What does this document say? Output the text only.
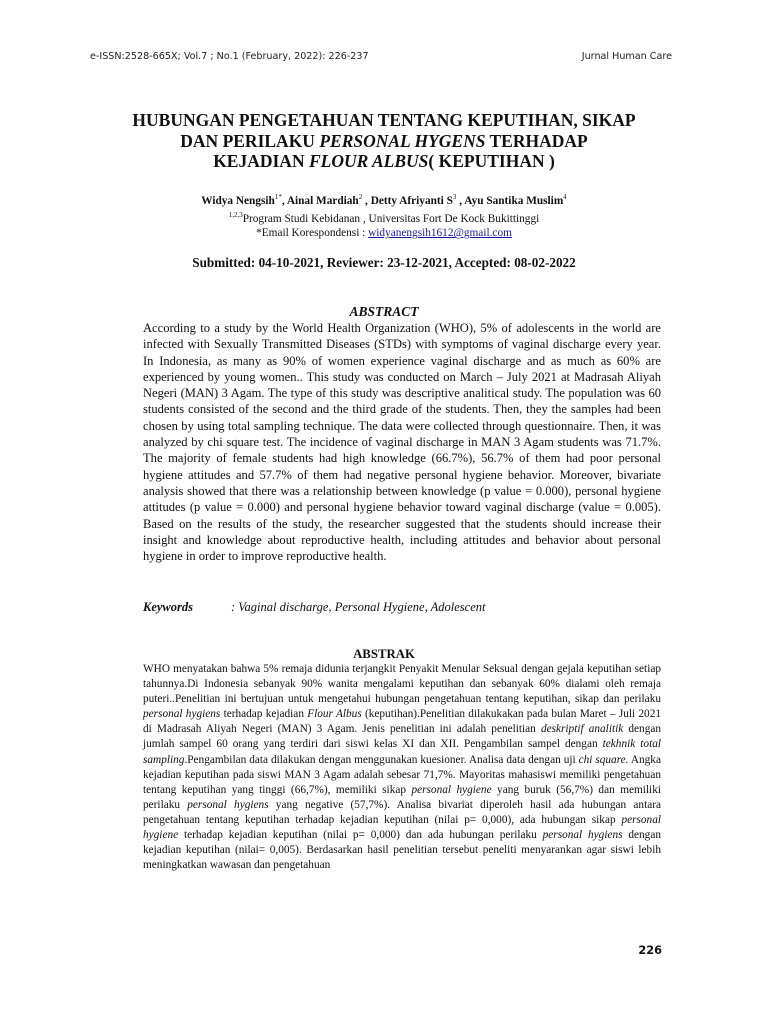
e-ISSN:2528-665X; Vol.7 ; No.1 (February, 2022): 226-237	Jurnal Human Care
HUBUNGAN PENGETAHUAN TENTANG KEPUTIHAN, SIKAP
DAN PERILAKU PERSONAL HYGENS TERHADAP
KEJADIAN FLOUR ALBUS( KEPUTIHAN )
Widya Nengsih$^{1*}$, Ainal Mardiah$^2$ , Detty Afriyanti $S^3$ , Ayu Santika Muslim$^4$
$^{1,2,3}$Program Studi Kebidanan , Universitas Fort De Kock Bukittinggi
*Email Korespondensi : widyanengsih1612@gmail.com
Submitted: 04-10-2021, Reviewer: 23-12-2021, Accepted: 08-02-2022
ABSTRACT
According to a study by the World Health Organization (WHO), 5% of adolescents in the world are infected with Sexually Transmitted Diseases (STDs) with symptoms of vaginal discharge every year. In Indonesia, as many as 90% of women experience vaginal discharge and as much as 60% are experienced by young women.. This study was conducted on March – July 2021 at Madrasah Aliyah Negeri (MAN) 3 Agam. The type of this study was descriptive analitical study. The population was 60 students consisted of the second and the third grade of the students. Then, they the samples had been chosen by using total sampling technique. The data were collected through questionnaire. Then, it was analyzed by chi square test. The incidence of vaginal discharge in MAN 3 Agam students was 71.7%. The majority of female students had high knowledge (66.7%), 56.7% of them had poor personal hygiene attitudes and 57.7% of them had negative personal hygiene behavior. Moreover, bivariate analysis showed that there was a relationship between knowledge (p value = 0.000), personal hygiene attitudes (p value = 0.000) and personal hygiene behavior toward vaginal discharge (value = 0.005). Based on the results of the study, the researcher suggested that the students should increase their insight and knowledge about reproductive health, including attitudes and behavior about personal hygiene in order to improve reproductive health.
Keywords	: Vaginal discharge, Personal Hygiene, Adolescent
ABSTRAK
WHO menyatakan bahwa 5% remaja didunia terjangkit Penyakit Menular Seksual dengan gejala keputihan setiap tahunnya.Di Indonesia sebanyak 90% wanita mengalami keputihan dan sebanyak 60% dialami oleh remaja puteri..Penelitian ini bertujuan untuk mengetahui hubungan pengetahuan tentang keputihan, sikap dan perilaku personal hygiens terhadap kejadian Flour Albus (keputihan).Penelitian dilakukakan pada bulan Maret – Juli 2021 di Madrasah Aliyah Negeri (MAN) 3 Agam. Jenis penelitian ini adalah penelitian deskriptif analitik dengan jumlah sampel 60 orang yang terdiri dari siswi kelas XI dan XII. Pengambilan sampel dengan tekhnik total sampling.Pengambilan data dilakukan dengan menggunakan kuesioner. Analisa data dengan uji chi square. Angka kejadian keputihan pada siswi MAN 3 Agam adalah sebesar 71,7%. Mayoritas mahasiswi memiliki pengetahuan tentang keputihan yang tinggi (66,7%), memiliki sikap personal hygiene yang buruk (56,7%) dan memiliki perilaku personal hygiens yang negative (57,7%). Analisa bivariat diperoleh hasil ada hubungan antara pengetahuan tentang keputihan terhadap kejadian keputihan (nilai p= 0,000), ada hubungan sikap personal hygiene terhadap kejadian keputihan (nilai p= 0,000) dan ada hubungan perilaku personal hygiens dengan kejadian keputihan (nilai= 0,005). Berdasarkan hasil penelitian tersebut peneliti menyarankan agar siswi lebih meningkatkan wawasan dan pengetahuan
226
